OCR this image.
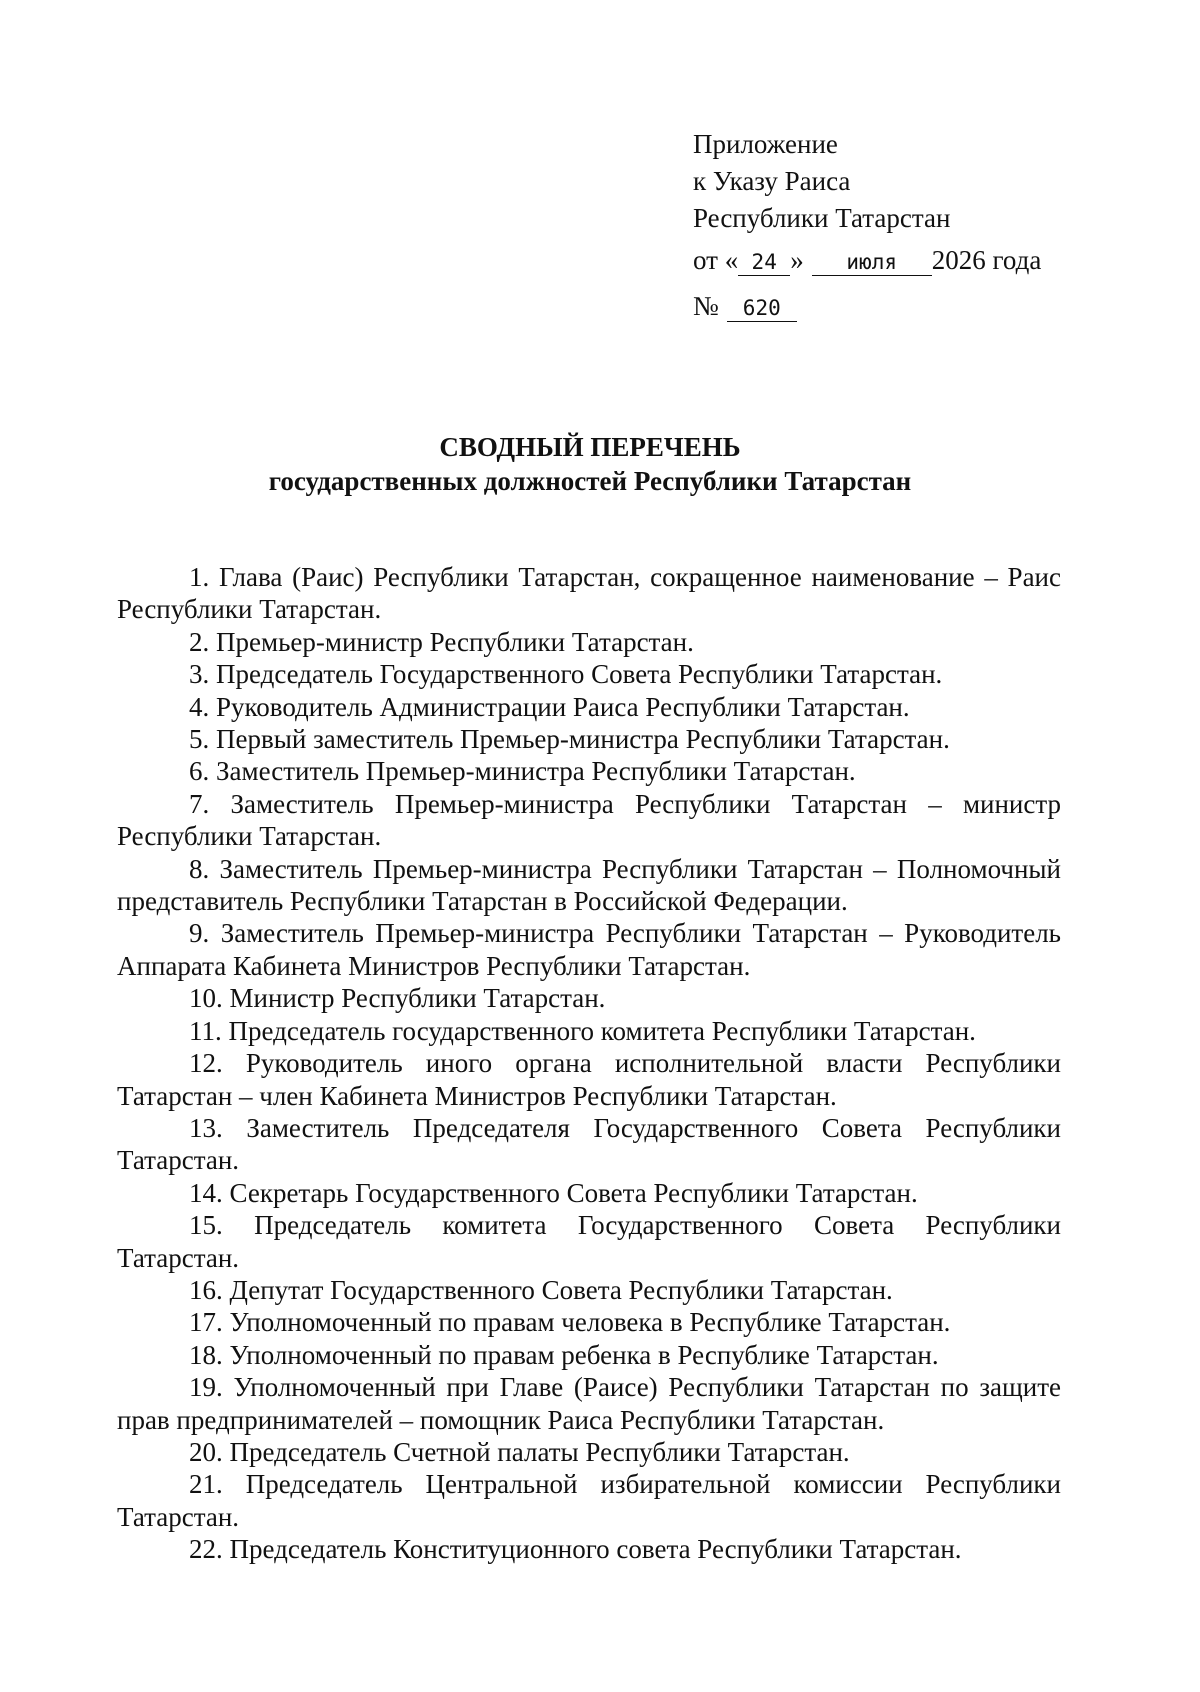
Приложение
к Указу Раиса
Республики Татарстан
от « 24 » июля 2026 года
№ 620
СВОДНЫЙ ПЕРЕЧЕНЬ
государственных должностей Республики Татарстан

1. Глава (Раис) Республики Татарстан, сокращенное наименование – Раис Республики Татарстан.

2. Премьер-министр Республики Татарстан.

3. Председатель Государственного Совета Республики Татарстан.

4. Руководитель Администрации Раиса Республики Татарстан.

5. Первый заместитель Премьер-министра Республики Татарстан.

6. Заместитель Премьер-министра Республики Татарстан.

7. Заместитель Премьер-министра Республики Татарстан – министр Республики Татарстан.

8. Заместитель Премьер-министра Республики Татарстан – Полномочный представитель Республики Татарстан в Российской Федерации.

9. Заместитель Премьер-министра Республики Татарстан – Руководитель Аппарата Кабинета Министров Республики Татарстан.

10. Министр Республики Татарстан.

11. Председатель государственного комитета Республики Татарстан.

12. Руководитель иного органа исполнительной власти Республики Татарстан – член Кабинета Министров Республики Татарстан.

13. Заместитель Председателя Государственного Совета Республики Татарстан.

14. Секретарь Государственного Совета Республики Татарстан.

15. Председатель комитета Государственного Совета Республики Татарстан.

16. Депутат Государственного Совета Республики Татарстан.

17. Уполномоченный по правам человека в Республике Татарстан.

18. Уполномоченный по правам ребенка в Республике Татарстан.

19. Уполномоченный при Главе (Раисе) Республики Татарстан по защите прав предпринимателей – помощник Раиса Республики Татарстан.

20. Председатель Счетной палаты Республики Татарстан.

21. Председатель Центральной избирательной комиссии Республики Татарстан.

22. Председатель Конституционного совета Республики Татарстан.
